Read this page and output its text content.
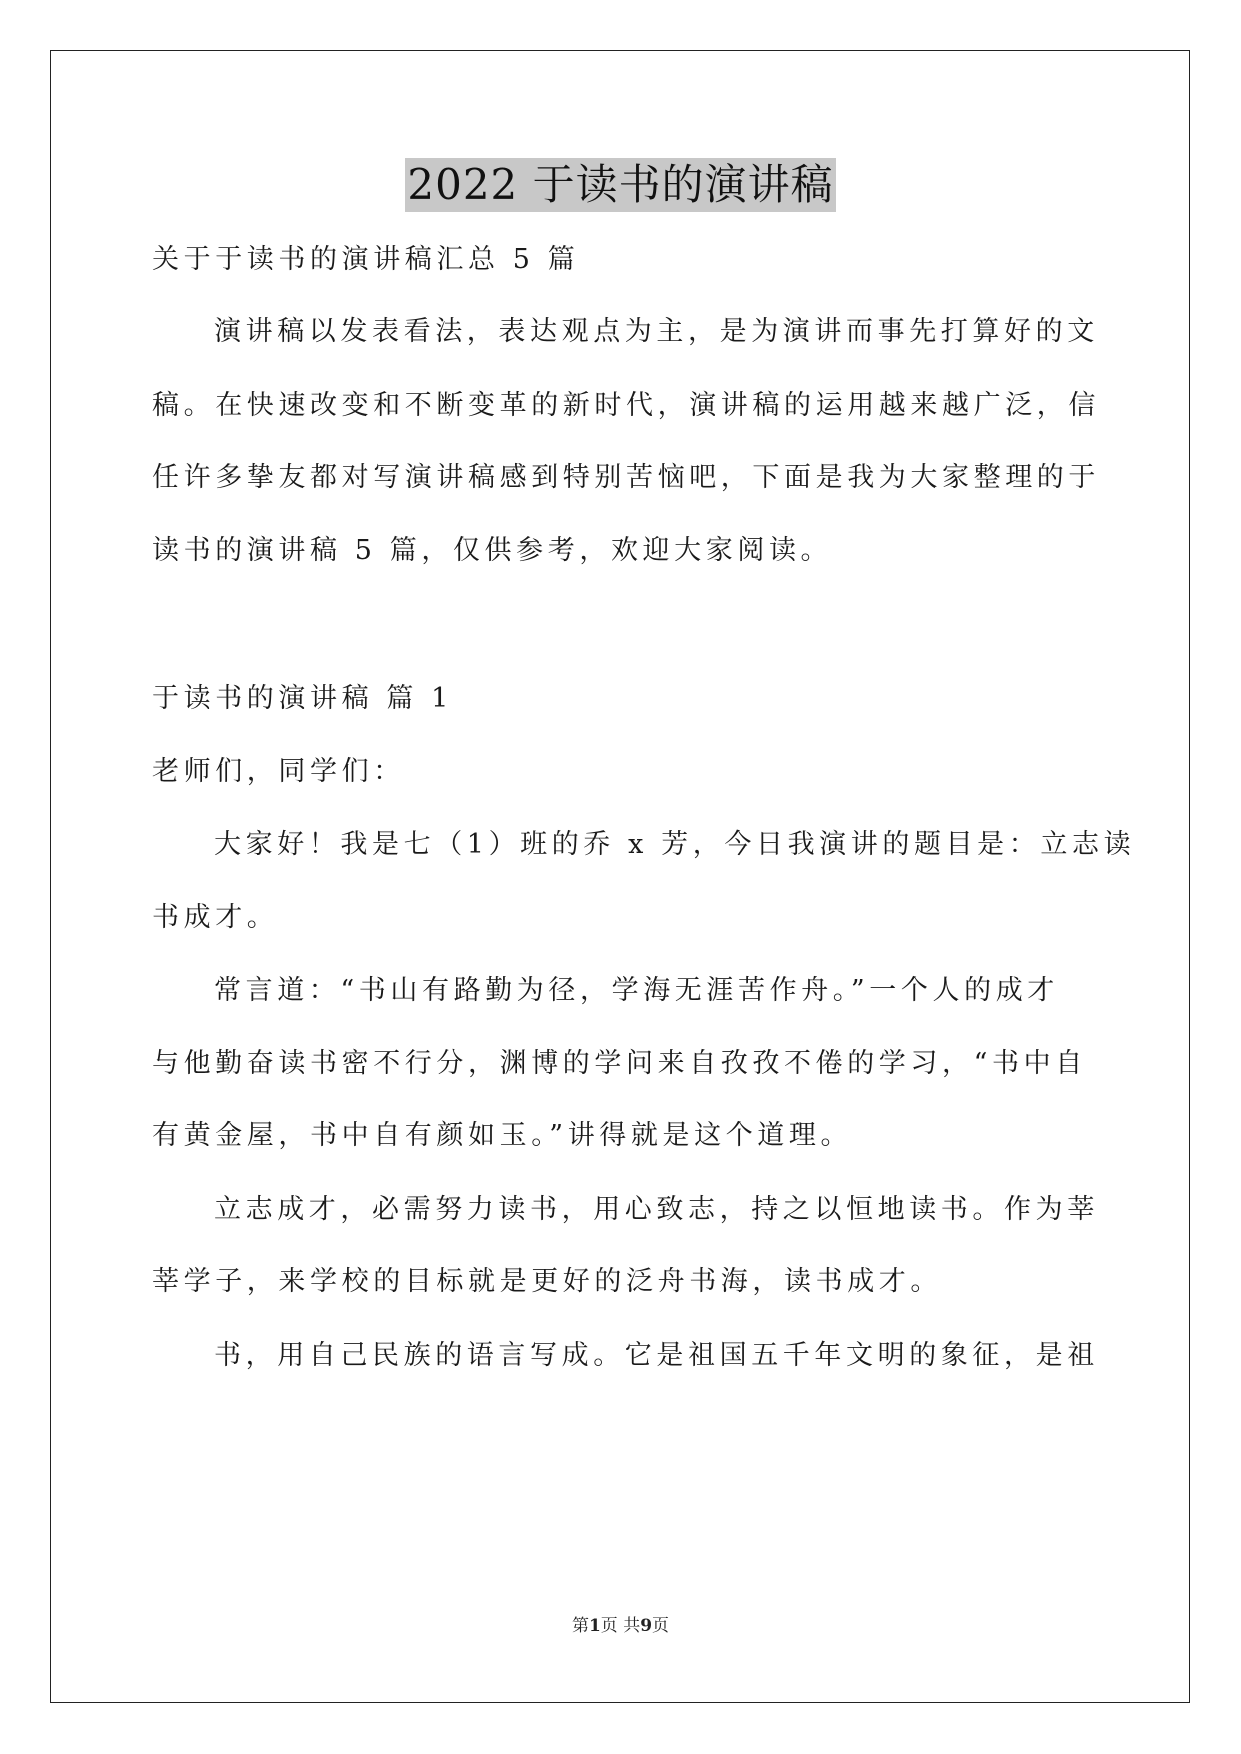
2022 于读书的演讲稿
关于于读书的演讲稿汇总 5 篇
演讲稿以发表看法，表达观点为主，是为演讲而事先打算好的文
稿。在快速改变和不断变革的新时代，演讲稿的运用越来越广泛，信
任许多挚友都对写演讲稿感到特别苦恼吧，下面是我为大家整理的于
读书的演讲稿 5 篇，仅供参考，欢迎大家阅读。
于读书的演讲稿 篇 1
老师们，同学们：
大家好！我是七（1）班的乔 x 芳，今日我演讲的题目是：立志读
书成才。
常言道：“书山有路勤为径，学海无涯苦作舟。”一个人的成才
与他勤奋读书密不行分，渊博的学问来自孜孜不倦的学习，“书中自
有黄金屋，书中自有颜如玉。”讲得就是这个道理。
立志成才，必需努力读书，用心致志，持之以恒地读书。作为莘
莘学子，来学校的目标就是更好的泛舟书海，读书成才。
书，用自己民族的语言写成。它是祖国五千年文明的象征，是祖
第1页 共9页
